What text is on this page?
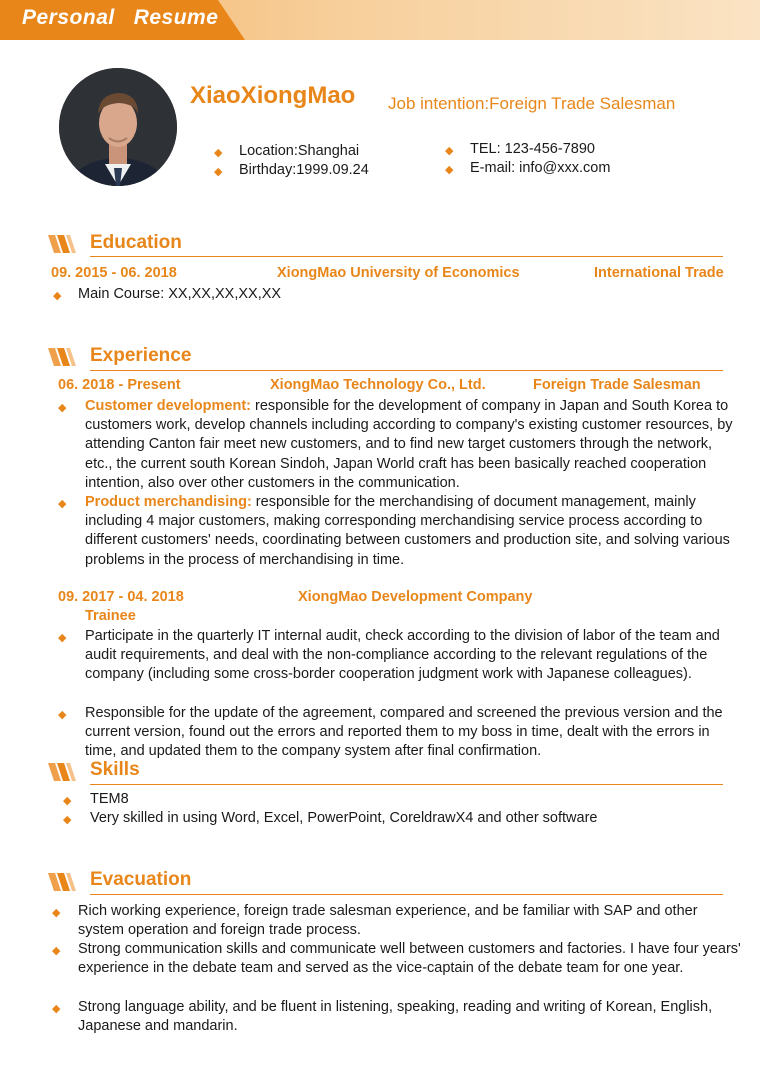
Personal   Resume
XiaoXiongMao Job intention:Foreign Trade Salesman
◆ Location:Shanghai
◆ Birthday:1999.09.24
◆ TEL: 123-456-7890
◆ E-mail: info@xxx.com
Education
09. 2015 - 06. 2018	XiongMao University of Economics	International Trade
◆ Main Course: XX,XX,XX,XX,XX
Experience
06. 2018 - Present	XiongMao Technology Co., Ltd.	Foreign Trade Salesman
◆ Customer development: responsible for the development of company in Japan and South Korea to customers work, develop channels including according to company's existing customer resources, by attending Canton fair meet new customers, and to find new target customers through the network, etc., the current south Korean Sindoh, Japan World craft has been basically reached cooperation intention, also over other customers in the communication.

◆ Product merchandising: responsible for the merchandising of document management, mainly including 4 major customers, making corresponding merchandising service process according to different customers' needs, coordinating between customers and production site, and solving various problems in the process of merchandising in time.

09. 2017 - 04. 2018	XiongMao Development Company
Trainee
◆ Participate in the quarterly IT internal audit, check according to the division of labor of the team and audit requirements, and deal with the non-compliance according to the relevant regulations of the company (including some cross-border cooperation judgment work with Japanese colleagues).

◆ Responsible for the update of the agreement, compared and screened the previous version and the current version, found out the errors and reported them to my boss in time, dealt with the errors in time, and updated them to the company system after final confirmation.

Skills
◆ TEM8
◆ Very skilled in using Word, Excel, PowerPoint, CoreldrawX4 and other software
Evacuation
◆ Rich working experience, foreign trade salesman experience, and be familiar with SAP and other system operation and foreign trade process.

◆ Strong communication skills and communicate well between customers and factories. I have four years' experience in the debate team and served as the vice-captain of the debate team for one year.

◆ Strong language ability, and be fluent in listening, speaking, reading and writing of Korean, English, Japanese and mandarin.
